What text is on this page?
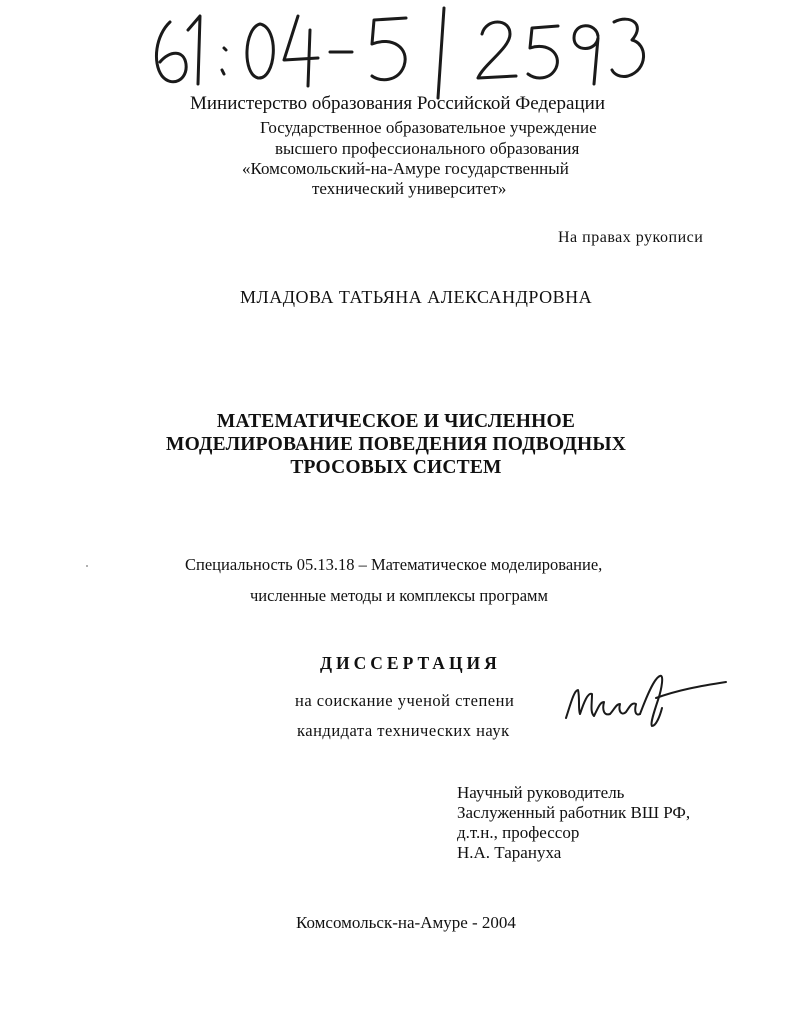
Министерство образования Российской Федерации
Государственное образовательное учреждение
высшего профессионального образования
«Комсомольский-на-Амуре государственный
технический университет»
На правах рукописи
МЛАДОВА ТАТЬЯНА АЛЕКСАНДРОВНА
МАТЕМАТИЧЕСКОЕ И ЧИСЛЕННОЕ
МОДЕЛИРОВАНИЕ ПОВЕДЕНИЯ ПОДВОДНЫХ
ТРОСОВЫХ СИСТЕМ
Специальность 05.13.18 – Математическое моделирование,
численные методы и комплексы программ
ДИССЕРТАЦИЯ
на соискание ученой степени
кандидата технических наук
Научный руководитель
Заслуженный работник ВШ РФ,
д.т.н., профессор
Н.А. Тарануха
Комсомольск-на-Амуре - 2004
